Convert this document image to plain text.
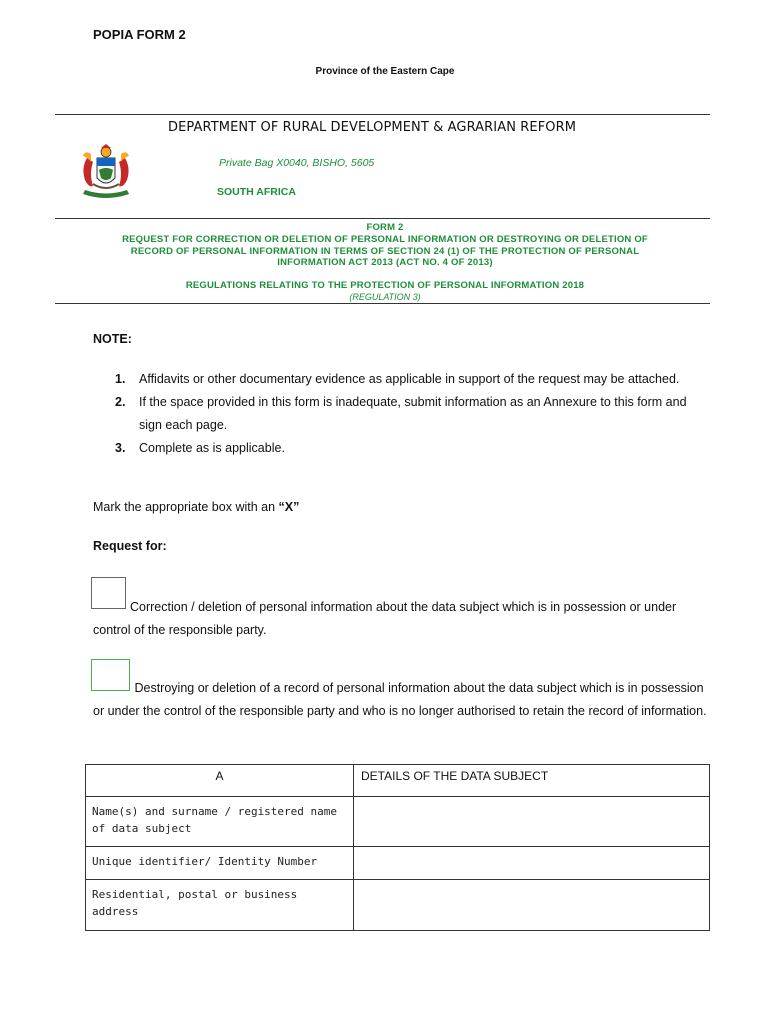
POPIA FORM 2
Province of the Eastern Cape
DEPARTMENT OF RURAL DEVELOPMENT & AGRARIAN REFORM
Private Bag X0040, BISHO, 5605
SOUTH AFRICA
FORM 2
REQUEST FOR CORRECTION OR DELETION OF PERSONAL INFORMATION OR DESTROYING OR DELETION OF
RECORD OF PERSONAL INFORMATION IN TERMS OF SECTION 24 (1) OF THE PROTECTION OF PERSONAL
INFORMATION ACT 2013 (ACT NO. 4 OF 2013)
REGULATIONS RELATING TO THE PROTECTION OF PERSONAL INFORMATION 2018
(REGULATION 3)
NOTE:
1. Affidavits or other documentary evidence as applicable in support of the request may be attached.
2. If the space provided in this form is inadequate, submit information as an Annexure to this form and sign each page.
3. Complete as is applicable.
Mark the appropriate box with an “X”
Request for:
Correction / deletion of personal information about the data subject which is in possession or under control of the responsible party.
Destroying or deletion of a record of personal information about the data subject which is in possession or under the control of the responsible party and who is no longer authorised to retain the record of information.
A	DETAILS OF THE DATA SUBJECT
Name(s) and surname / registered name of data subject	
Unique identifier/ Identity Number	
Residential, postal or business address	
